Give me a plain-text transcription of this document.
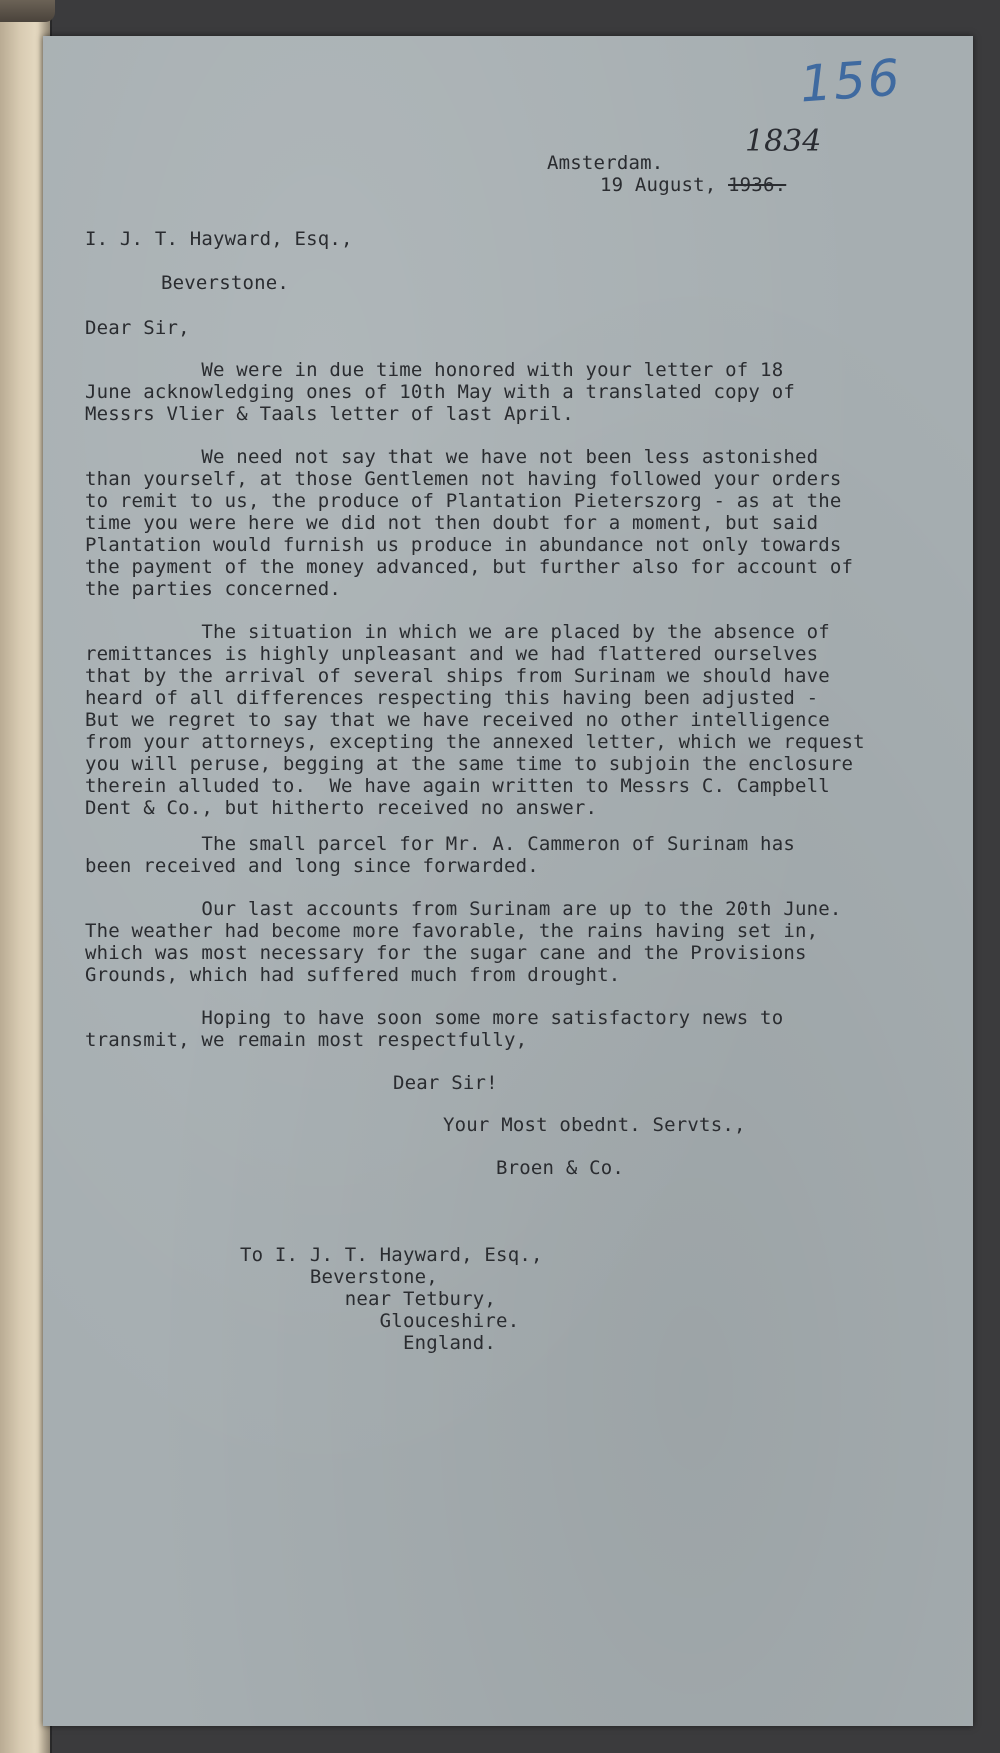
156
1834
Amsterdam.
19 August, 1936.
I. J. T. Hayward, Esq.,
Beverstone.
Dear Sir,
We were in due time honored with your letter of 18
June acknowledging ones of 10th May with a translated copy of
Messrs Vlier & Taals letter of last April.
We need not say that we have not been less astonished
than yourself, at those Gentlemen not having followed your orders
to remit to us, the produce of Plantation Pieterszorg - as at the
time you were here we did not then doubt for a moment, but said
Plantation would furnish us produce in abundance not only towards
the payment of the money advanced, but further also for account of
the parties concerned.
The situation in which we are placed by the absence of
remittances is highly unpleasant and we had flattered ourselves
that by the arrival of several ships from Surinam we should have
heard of all differences respecting this having been adjusted -
But we regret to say that we have received no other intelligence
from your attorneys, excepting the annexed letter, which we request
you will peruse, begging at the same time to subjoin the enclosure
therein alluded to.  We have again written to Messrs C. Campbell
Dent & Co., but hitherto received no answer.
The small parcel for Mr. A. Cammeron of Surinam has
been received and long since forwarded.
Our last accounts from Surinam are up to the 20th June.
The weather had become more favorable, the rains having set in,
which was most necessary for the sugar cane and the Provisions
Grounds, which had suffered much from drought.
Hoping to have soon some more satisfactory news to
transmit, we remain most respectfully,
Dear Sir!
Your Most obednt. Servts.,
Broen & Co.
To I. J. T. Hayward, Esq.,
Beverstone,
near Tetbury,
Glouceshire.
England.
